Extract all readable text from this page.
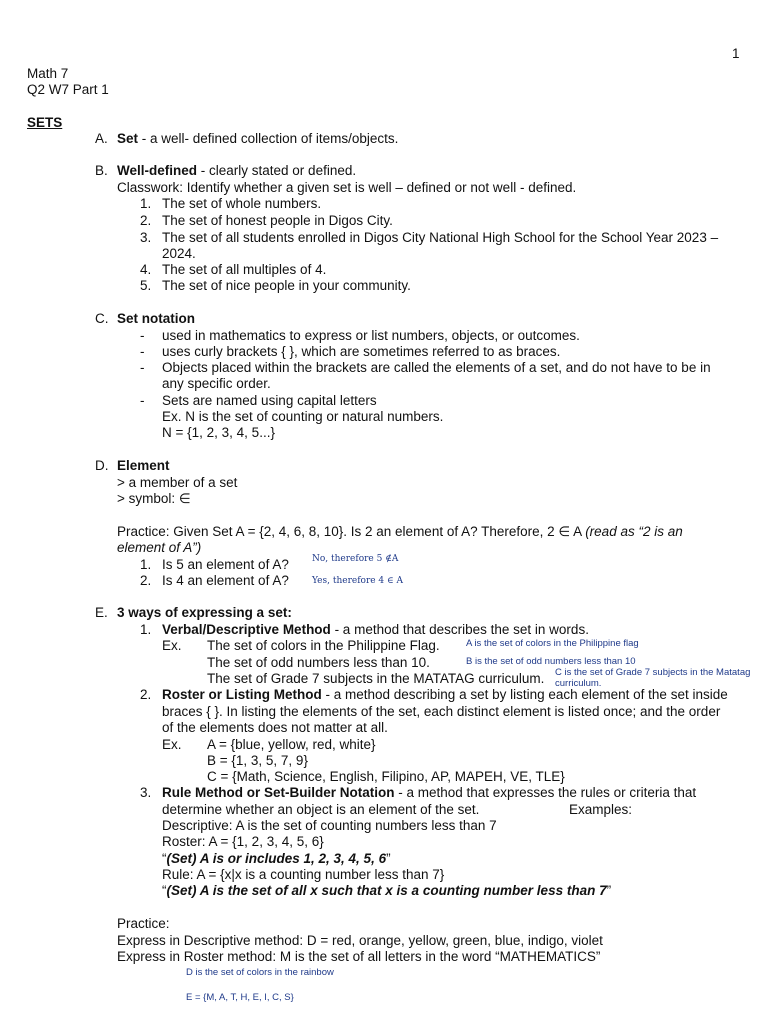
1
Math 7
Q2 W7 Part 1
SETS
A. Set - a well- defined collection of items/objects.
B. Well-defined - clearly stated or defined.
Classwork: Identify whether a given set is well – defined or not well - defined.
1. The set of whole numbers.
2. The set of honest people in Digos City.
3. The set of all students enrolled in Digos City National High School for the School Year 2023 –
2024.
4. The set of all multiples of 4.
5. The set of nice people in your community.
C. Set notation
- used in mathematics to express or list numbers, objects, or outcomes.
- uses curly brackets { }, which are sometimes referred to as braces.
- Objects placed within the brackets are called the elements of a set, and do not have to be in
any specific order.
- Sets are named using capital letters
Ex. N is the set of counting or natural numbers.
N = {1, 2, 3, 4, 5...}
D. Element
> a member of a set
> symbol: ∈
Practice: Given Set A = {2, 4, 6, 8, 10}. Is 2 an element of A? Therefore, 2 ∈ A (read as “2 is an
element of A”)
1. Is 5 an element of A?	No, therefore 5 ∉A
2. Is 4 an element of A?	Yes, therefore 4 ∈ A
E. 3 ways of expressing a set:
1. Verbal/Descriptive Method - a method that describes the set in words.
Ex. The set of colors in the Philippine Flag.
The set of odd numbers less than 10.
The set of Grade 7 subjects in the MATATAG curriculum.
A is the set of colors in the Philippine flag
B is the set of odd numbers less than 10
C is the set of Grade 7 subjects in the Matatag
curriculum.
2. Roster or Listing Method - a method describing a set by listing each element of the set inside
braces { }. In listing the elements of the set, each distinct element is listed once; and the order
of the elements does not matter at all.
Ex. A = {blue, yellow, red, white}
B = {1, 3, 5, 7, 9}
C = {Math, Science, English, Filipino, AP, MAPEH, VE, TLE}
3. Rule Method or Set-Builder Notation - a method that expresses the rules or criteria that
determine whether an object is an element of the set.	Examples:
Descriptive: A is the set of counting numbers less than 7
Roster: A = {1, 2, 3, 4, 5, 6}
“(Set) A is or includes 1, 2, 3, 4, 5, 6”
Rule: A = {x|x is a counting number less than 7}
“(Set) A is the set of all x such that x is a counting number less than 7”
Practice:
Express in Descriptive method: D = red, orange, yellow, green, blue, indigo, violet
Express in Roster method: M is the set of all letters in the word “MATHEMATICS”
D is the set of colors in the rainbow
E = {M, A, T, H, E, I, C, S}
